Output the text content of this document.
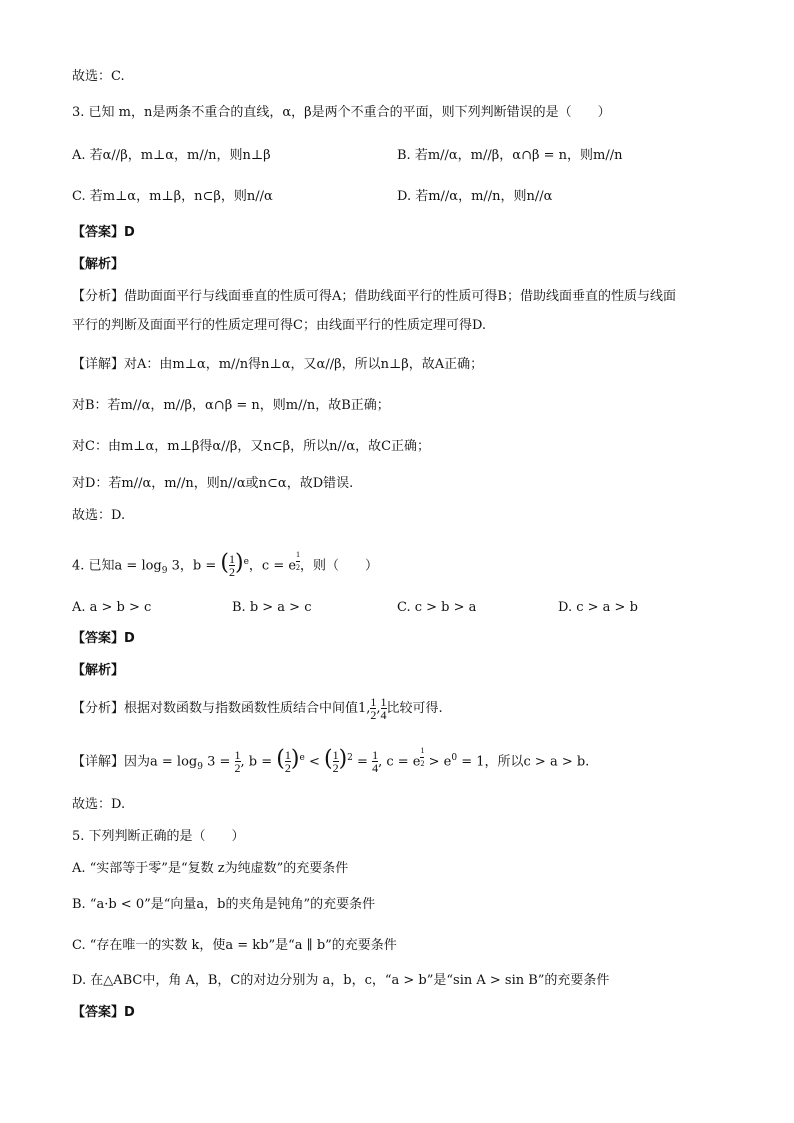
故选：C.
3. 已知 m，n是两条不重合的直线，α，β是两个不重合的平面，则下列判断错误的是（　　）
A. 若α//β，m⊥α，m//n，则n⊥β	B. 若m//α，m//β，α∩β = n，则m//n
C. 若m⊥α，m⊥β，n⊂β，则n//α	D. 若m//α，m//n，则n//α
【答案】D
【解析】
【分析】借助面面平行与线面垂直的性质可得A；借助线面平行的性质可得B；借助线面垂直的性质与线面
平行的判断及面面平行的性质定理可得C；由线面平行的性质定理可得D.
【详解】对A：由m⊥α，m//n得n⊥α，又α//β，所以n⊥β，故A正确；
对B：若m//α，m//β，α∩β = n，则m//n，故B正确；
对C：由m⊥α，m⊥β得α//β，又n⊂β，所以n//α，故C正确；
对D：若m//α，m//n，则n//α或n⊂α，故D错误.
故选：D.
4. 已知$a = \log_9 3$，b = ( $\frac{1}{2} )^e$，c = e $^{\frac{1}{2}}$ ，则（　　）
A. a > b > c	B. b > a > c	C. c > b > a	D. c > a > b
【答案】D
【解析】
【分析】根据对数函数与指数函数性质结合中间值1, $\frac{1}{2}$ , $\frac{1}{4}$ 比较可得.
【详解】因为$a = \log_9 3 = \frac{1}{2}$ , b = ( $\frac{1}{2} )^e$ < ( $\frac{1}{2} )^2 = \frac{1}{4}$ , c = e $^{\frac{1}{2}} > e^0 = 1$，所以c > a > b.
故选：D.
5. 下列判断正确的是（　　）
A. “实部等于零”是“复数 z为纯虚数”的充要条件
B. “a·b < 0”是“向量a，b的夹角是钝角”的充要条件
C. “存在唯一的实数 k，使a = kb”是“a ∥ b”的充要条件
D. 在△ABC中，角 A，B，C的对边分别为 a，b，c，“a > b”是“sin A > sin B”的充要条件
【答案】D
